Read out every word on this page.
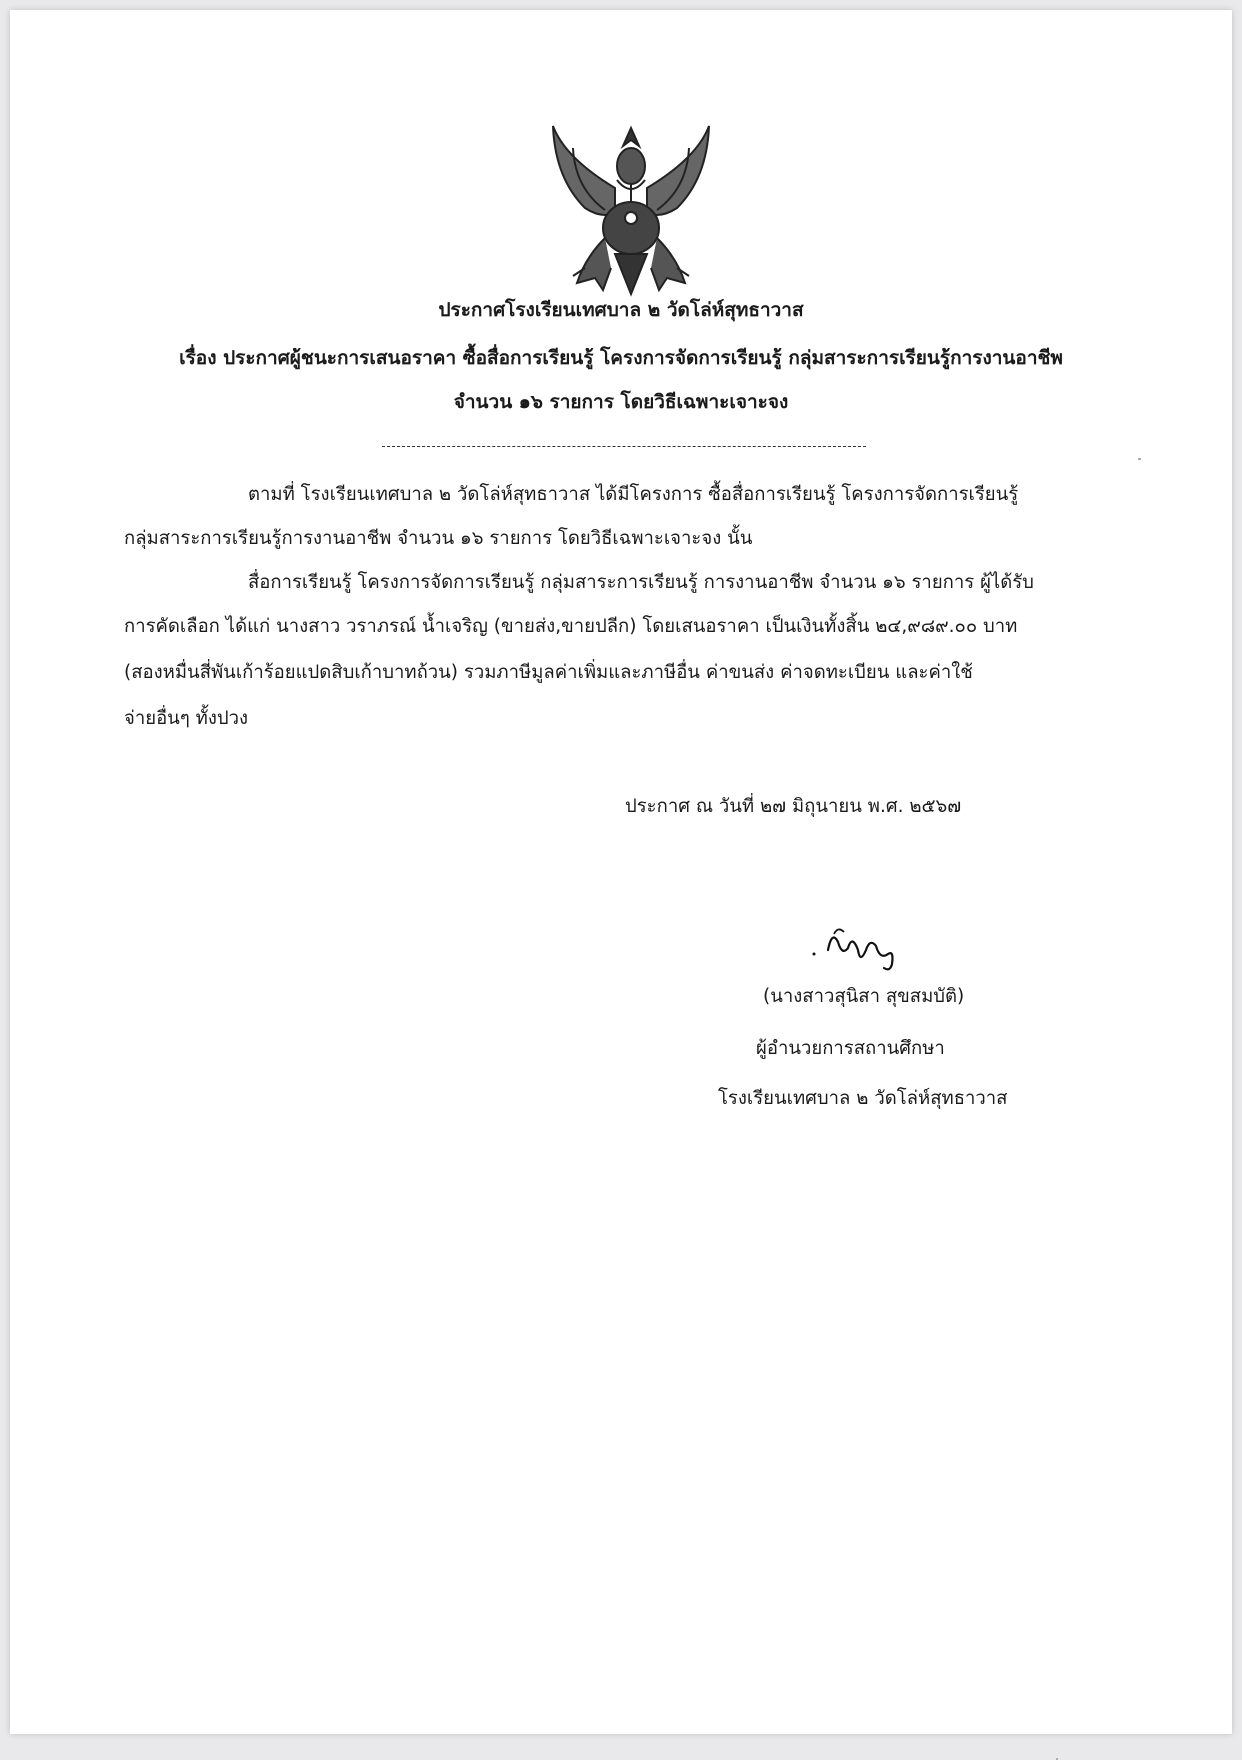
ประกาศโรงเรียนเทศบาล ๒ วัดโล่ห์สุทธาวาส
เรื่อง ประกาศผู้ชนะการเสนอราคา ซื้อสื่อการเรียนรู้ โครงการจัดการเรียนรู้ กลุ่มสาระการเรียนรู้การงานอาชีพ
จำนวน ๑๖ รายการ โดยวิธีเฉพาะเจาะจง
ตามที่ โรงเรียนเทศบาล ๒ วัดโล่ห์สุทธาวาส ได้มีโครงการ ซื้อสื่อการเรียนรู้ โครงการจัดการเรียนรู้
กลุ่มสาระการเรียนรู้การงานอาชีพ จำนวน ๑๖ รายการ โดยวิธีเฉพาะเจาะจง นั้น
สื่อการเรียนรู้ โครงการจัดการเรียนรู้ กลุ่มสาระการเรียนรู้ การงานอาชีพ จำนวน ๑๖ รายการ ผู้ได้รับ
การคัดเลือก ได้แก่ นางสาว วราภรณ์ น้ำเจริญ (ขายส่ง,ขายปลีก) โดยเสนอราคา เป็นเงินทั้งสิ้น ๒๔,๙๘๙.๐๐ บาท
(สองหมื่นสี่พันเก้าร้อยแปดสิบเก้าบาทถ้วน) รวมภาษีมูลค่าเพิ่มและภาษีอื่น ค่าขนส่ง ค่าจดทะเบียน และค่าใช้
จ่ายอื่นๆ ทั้งปวง
ประกาศ ณ วันที่ ๒๗ มิถุนายน พ.ศ. ๒๕๖๗
(นางสาวสุนิสา สุขสมบัติ)
ผู้อำนวยการสถานศึกษา
โรงเรียนเทศบาล ๒ วัดโล่ห์สุทธาวาส
